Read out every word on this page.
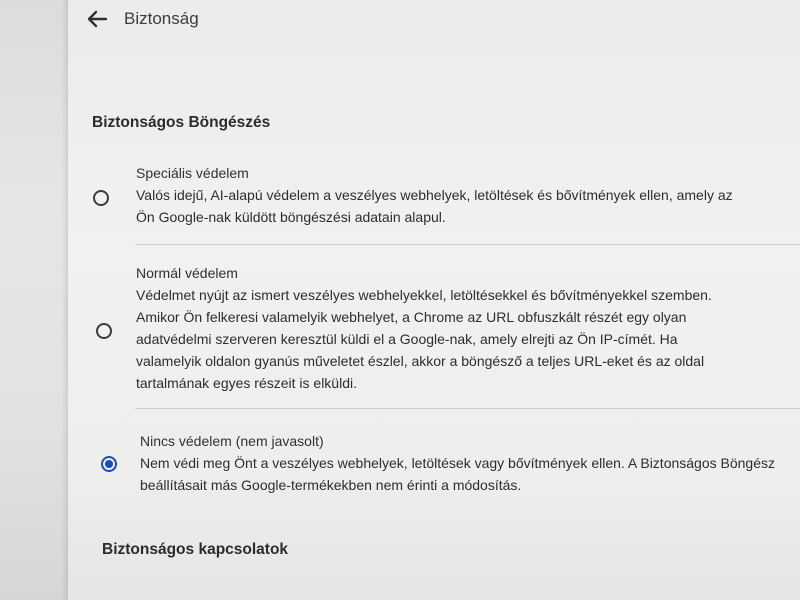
Biztonság
Biztonságos Böngészés
Speciális védelem
Valós idejű, AI-alapú védelem a veszélyes webhelyek, letöltések és bővítmények ellen, amely az
Ön Google-nak küldött böngészési adatain alapul.
Normál védelem
Védelmet nyújt az ismert veszélyes webhelyekkel, letöltésekkel és bővítményekkel szemben.
Amikor Ön felkeresi valamelyik webhelyet, a Chrome az URL obfuszkált részét egy olyan
adatvédelmi szerveren keresztül küldi el a Google-nak, amely elrejti az Ön IP-címét. Ha
valamelyik oldalon gyanús műveletet észlel, akkor a böngésző a teljes URL-eket és az oldal
tartalmának egyes részeit is elküldi.
Nincs védelem (nem javasolt)
Nem védi meg Önt a veszélyes webhelyek, letöltések vagy bővítmények ellen. A Biztonságos Böngész
beállításait más Google-termékekben nem érinti a módosítás.
Biztonságos kapcsolatok
